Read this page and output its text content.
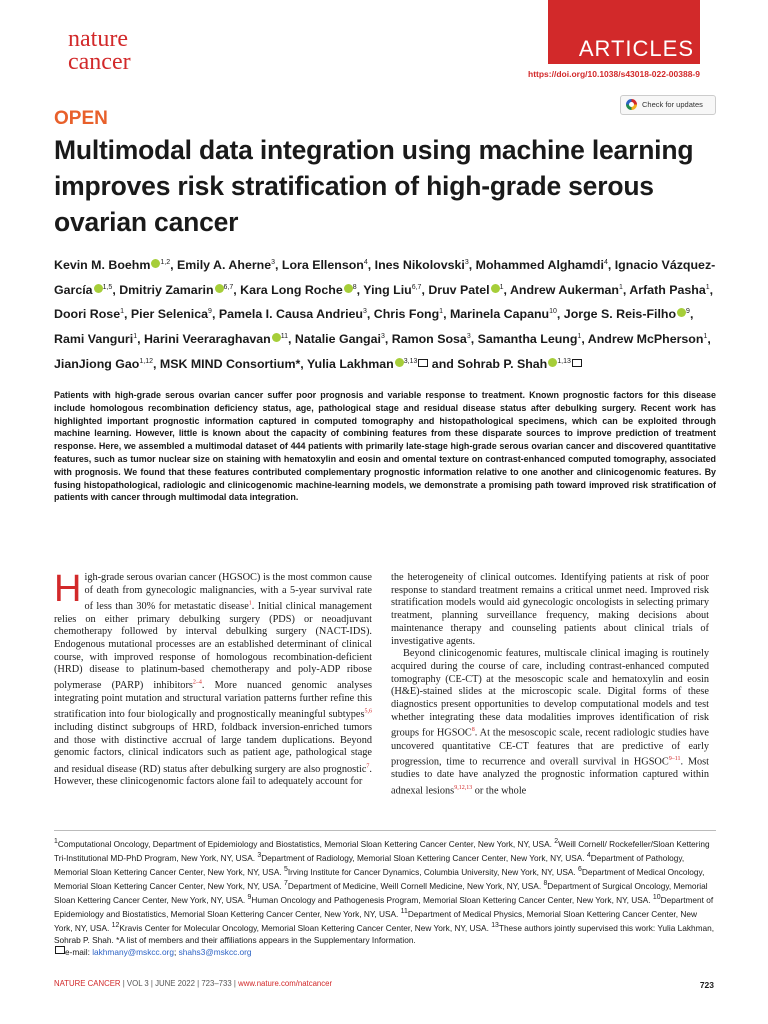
nature
cancer
ARTICLES
https://doi.org/10.1038/s43018-022-00388-9
Check for updates
OPEN
Multimodal data integration using machine learning improves risk stratification of high-grade serous ovarian cancer
Kevin M. Boehm $^{1,2}$, Emily A. Aherne$^3$, Lora Ellenson$^4$, Ines Nikolovski$^3$, Mohammed Alghamdi$^4$, Ignacio Vázquez-García $^{1,5}$, Dmitriy Zamarin $^{6,7}$, Kara Long Roche $^8$, Ying Liu$^{6,7}$, Druv Patel $^1$, Andrew Aukerman$^1$, Arfath Pasha$^1$, Doori Rose$^1$, Pier Selenica$^9$, Pamela I. Causa Andrieu$^3$, Chris Fong$^1$, Marinela Capanu$^{10}$, Jorge S. Reis-Filho $^9$, Rami Vanguri$^1$, Harini Veeraraghavan $^{11}$, Natalie Gangai$^3$, Ramon Sosa$^3$, Samantha Leung$^1$, Andrew McPherson$^1$, JianJiong Gao$^{1,12}$, MSK MIND Consortium*, Yulia Lakhman $^{3,13}$ and Sohrab P. Shah $^{1,13}$
Patients with high-grade serous ovarian cancer suffer poor prognosis and variable response to treatment. Known prognostic factors for this disease include homologous recombination deficiency status, age, pathological stage and residual disease status after debulking surgery. Recent work has highlighted important prognostic information captured in computed tomography and histopathological specimens, which can be exploited through machine learning. However, little is known about the capacity of combining features from these disparate sources to improve prediction of treatment response. Here, we assembled a multimodal dataset of 444 patients with primarily late-stage high-grade serous ovarian cancer and discovered quantitative features, such as tumor nuclear size on staining with hematoxylin and eosin and omental texture on contrast-enhanced computed tomography, associated with prognosis. We found that these features contributed complementary prognostic information relative to one another and clinicogenomic features. By fusing histopathological, radiologic and clinicogenomic machine-learning models, we demonstrate a promising path toward improved risk stratification of patients with cancer through multimodal data integration.
High-grade serous ovarian cancer (HGSOC) is the most common cause of death from gynecologic malignancies, with a 5-year survival rate of less than 30% for metastatic disease$^1$. Initial clinical management relies on either primary debulking surgery (PDS) or neoadjuvant chemotherapy followed by interval debulking surgery (NACT-IDS). Endogenous mutational processes are an established determinant of clinical course, with improved response of homologous recombination-deficient (HRD) disease to platinum-based chemotherapy and poly-ADP ribose polymerase (PARP) inhibitors$^{2-4}$. More nuanced genomic analyses integrating point mutation and structural variation patterns further refine this stratification into four biologically and prognostically meaningful subtypes$^{5,6}$ including distinct subgroups of HRD, foldback inversion-enriched tumors and those with distinctive accrual of large tandem duplications. Beyond genomic factors, clinical indicators such as patient age, pathological stage and residual disease (RD) status after debulking surgery are also prognostic$^7$. However, these clinicogenomic factors alone fail to adequately account for

the heterogeneity of clinical outcomes. Identifying patients at risk of poor response to standard treatment remains a critical unmet need. Improved risk stratification models would aid gynecologic oncologists in selecting primary treatment, planning surveillance frequency, making decisions about maintenance therapy and counseling patients about clinical trials of investigative agents.

Beyond clinicogenomic features, multiscale clinical imaging is routinely acquired during the course of care, including contrast-enhanced computed tomography (CE-CT) at the mesoscopic scale and hematoxylin and eosin (H&E)-stained slides at the microscopic scale. Digital forms of these diagnostics present opportunities to develop computational models and test whether integrating these data modalities improves identification of risk groups for HGSOC$^8$. At the mesoscopic scale, recent radiologic studies have uncovered quantitative CE-CT features that are predictive of early progression, time to recurrence and overall survival in HGSOC$^{9-11}$. Most studies to date have analyzed the prognostic information captured within adnexal lesions$^{9,12,13}$ or the whole

$^1$Computational Oncology, Department of Epidemiology and Biostatistics, Memorial Sloan Kettering Cancer Center, New York, NY, USA. $^2$Weill Cornell/ Rockefeller/Sloan Kettering Tri-Institutional MD-PhD Program, New York, NY, USA. $^3$Department of Radiology, Memorial Sloan Kettering Cancer Center, New York, NY, USA. $^4$Department of Pathology, Memorial Sloan Kettering Cancer Center, New York, NY, USA. $^5$Irving Institute for Cancer Dynamics, Columbia University, New York, NY, USA. $^6$Department of Medical Oncology, Memorial Sloan Kettering Cancer Center, New York, NY, USA. $^7$Department of Medicine, Weill Cornell Medicine, New York, NY, USA. $^8$Department of Surgical Oncology, Memorial Sloan Kettering Cancer Center, New York, NY, USA. $^9$Human Oncology and Pathogenesis Program, Memorial Sloan Kettering Cancer Center, New York, NY, USA. $^{10}$Department of Epidemiology and Biostatistics, Memorial Sloan Kettering Cancer Center, New York, NY, USA. $^{11}$Department of Medical Physics, Memorial Sloan Kettering Cancer Center, New York, NY, USA. $^{12}$Kravis Center for Molecular Oncology, Memorial Sloan Kettering Cancer Center, New York, NY, USA. $^{13}$These authors jointly supervised this work: Yulia Lakhman, Sohrab P. Shah. *A list of members and their affiliations appears in the Supplementary Information.
e-mail: lakhmany@mskcc.org; shahs3@mskcc.org
NATURE CANCER | VOL 3 | JUNE 2022 | 723–733 | www.nature.com/natcancer	723
